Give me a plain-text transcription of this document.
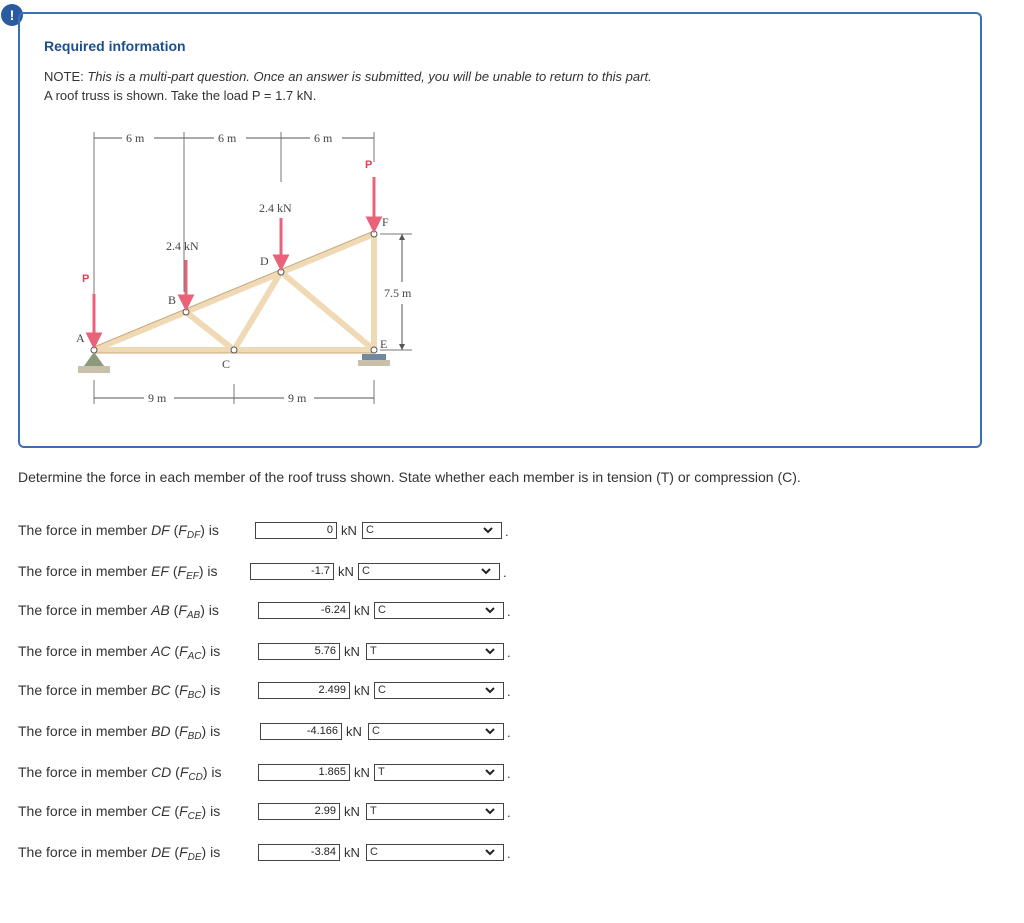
!
Required information
NOTE: This is a multi-part question. Once an answer is submitted, you will be unable to return to this part.
A roof truss is shown. Take the load P = 1.7 kN.
6 m	6 m	6 m
P
2.4 kN
2.4 kN
P
A
B
C
D
E
F
7.5 m
9 m	9 m
Determine the force in each member of the roof truss shown. State whether each member is in tension (T) or compression (C).
The force in member DF $(F_{DF})$ is	0 kN C	.
The force in member EF $(F_{EF})$ is	-1.7 kN C	.
The force in member AB $(F_{AB})$ is	-6.24 kN C	.
The force in member AC $(F_{AC})$ is	5.76 kN T	.
The force in member BC $(F_{BC})$ is	2.499 kN C	.
The force in member BD $(F_{BD})$ is	-4.166 kN C	.
The force in member CD $(F_{CD})$ is	1.865 kN T	.
The force in member CE $(F_{CE})$ is	2.99 kN T	.
The force in member DE $(F_{DE})$ is	-3.84 kN C	.
